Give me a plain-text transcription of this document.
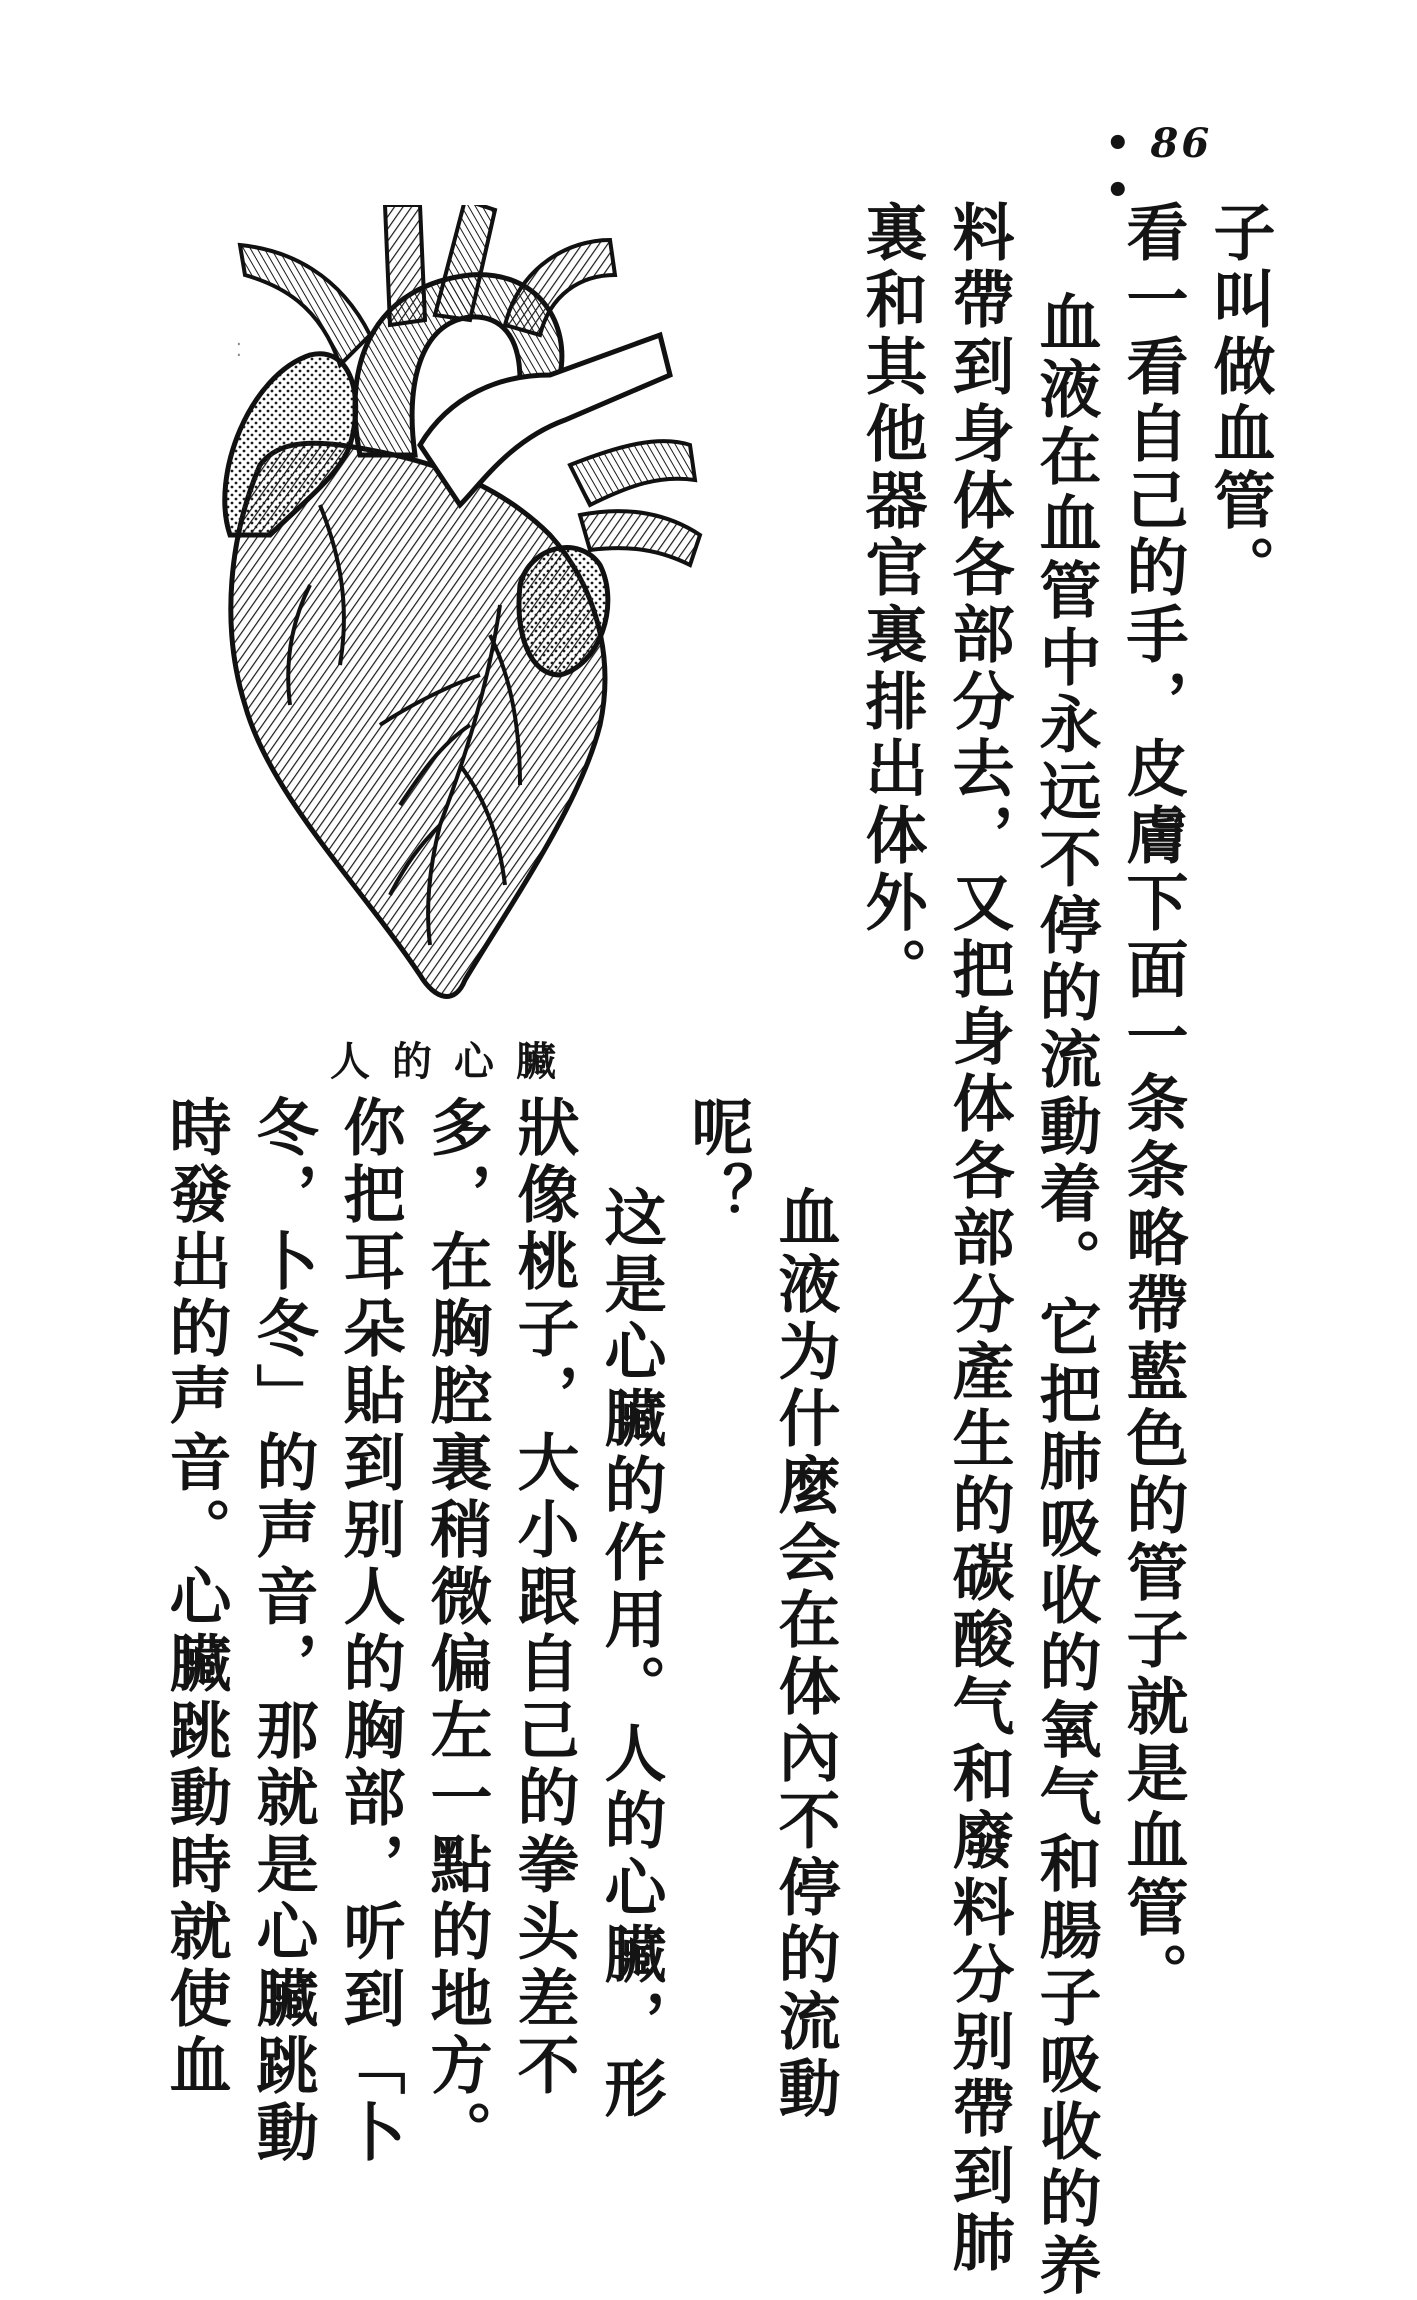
• 86 •
子叫做血管。
看一看自己的手，皮膚下面一条条略帶藍色的管子就是血管。
血液在血管中永远不停的流動着。它把肺吸收的氧气和腸子吸收的养
料帶到身体各部分去，又把身体各部分產生的碳酸气和廢料分别帶到肺
裏和其他器官裏排出体外。
⁚
人的心臟
血液为什麼会在体內不停的流動
呢？
这是心臟的作用。人的心臟，形
狀像桃子，大小跟自己的拳头差不
多，在胸腔裏稍微偏左一點的地方。
你把耳朵貼到别人的胸部，听到「卜
冬，卜冬」的声音，那就是心臟跳動
時發出的声音。心臟跳動時就使血
